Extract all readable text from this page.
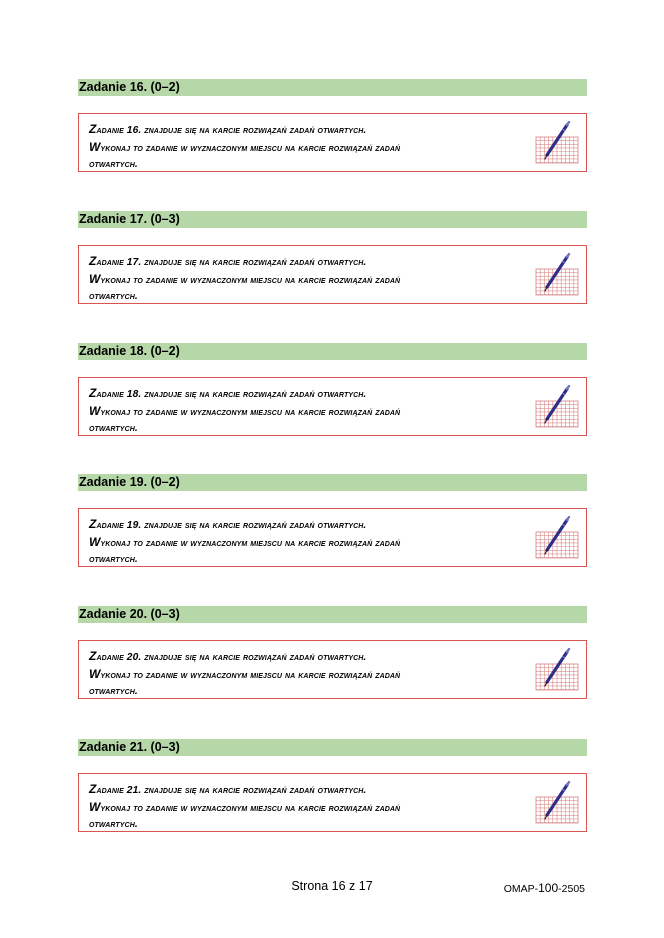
Zadanie 16. (0–2)
Zadanie 16. znajduje się na karcie rozwiązań zadań otwartych.
Wykonaj to zadanie w wyznaczonym miejscu na karcie rozwiązań zadań
otwartych.
Zadanie 17. (0–3)
Zadanie 17. znajduje się na karcie rozwiązań zadań otwartych.
Wykonaj to zadanie w wyznaczonym miejscu na karcie rozwiązań zadań
otwartych.
Zadanie 18. (0–2)
Zadanie 18. znajduje się na karcie rozwiązań zadań otwartych.
Wykonaj to zadanie w wyznaczonym miejscu na karcie rozwiązań zadań
otwartych.
Zadanie 19. (0–2)
Zadanie 19. znajduje się na karcie rozwiązań zadań otwartych.
Wykonaj to zadanie w wyznaczonym miejscu na karcie rozwiązań zadań
otwartych.
Zadanie 20. (0–3)
Zadanie 20. znajduje się na karcie rozwiązań zadań otwartych.
Wykonaj to zadanie w wyznaczonym miejscu na karcie rozwiązań zadań
otwartych.
Zadanie 21. (0–3)
Zadanie 21. znajduje się na karcie rozwiązań zadań otwartych.
Wykonaj to zadanie w wyznaczonym miejscu na karcie rozwiązań zadań
otwartych.
Strona 16 z 17	OMAP-100-2505
